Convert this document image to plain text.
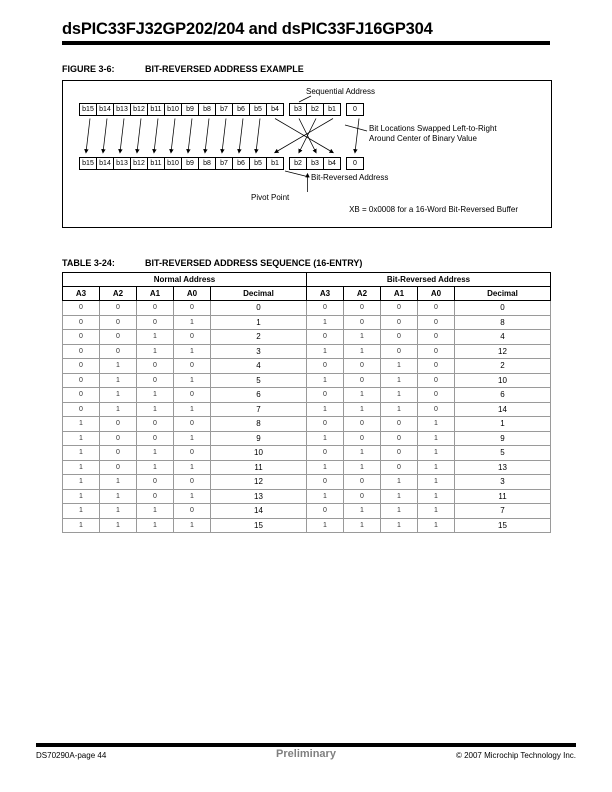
dsPIC33FJ32GP202/204 and dsPIC33FJ16GP304
FIGURE 3-6:	BIT-REVERSED ADDRESS EXAMPLE
Sequential Address
b15 b14 b13 b12 b11 b10	b9	b8	b7	b6	b5	b4	b3	b2	b1	0
Bit Locations Swapped Left-to-Right
Around Center of Binary Value
b15 b14 b13 b12 b11 b10	b9	b8	b7	b6	b5	b1	b2	b3	b4	0
Bit-Reversed Address
Pivot Point
XB = 0x0008 for a 16-Word Bit-Reversed Buffer
TABLE 3-24:	BIT-REVERSED ADDRESS SEQUENCE (16-ENTRY)
Normal Address					Bit-Reversed Address				
A3	A2	A1	A0	Decimal	A3	A2	A1	A0	Decimal
0	0	0	0	0	0	0	0	0	0
0	0	0	1	1	1	0	0	0	8
0	0	1	0	2	0	1	0	0	4
0	0	1	1	3	1	1	0	0	12
0	1	0	0	4	0	0	1	0	2
0	1	0	1	5	1	0	1	0	10
0	1	1	0	6	0	1	1	0	6
0	1	1	1	7	1	1	1	0	14
1	0	0	0	8	0	0	0	1	1
1	0	0	1	9	1	0	0	1	9
1	0	1	0	10	0	1	0	1	5
1	0	1	1	11	1	1	0	1	13
1	1	0	0	12	0	0	1	1	3
1	1	0	1	13	1	0	1	1	11
1	1	1	0	14	0	1	1	1	7
1	1	1	1	15	1	1	1	1	15
DS70290A-page 44	Preliminary	© 2007 Microchip Technology Inc.
